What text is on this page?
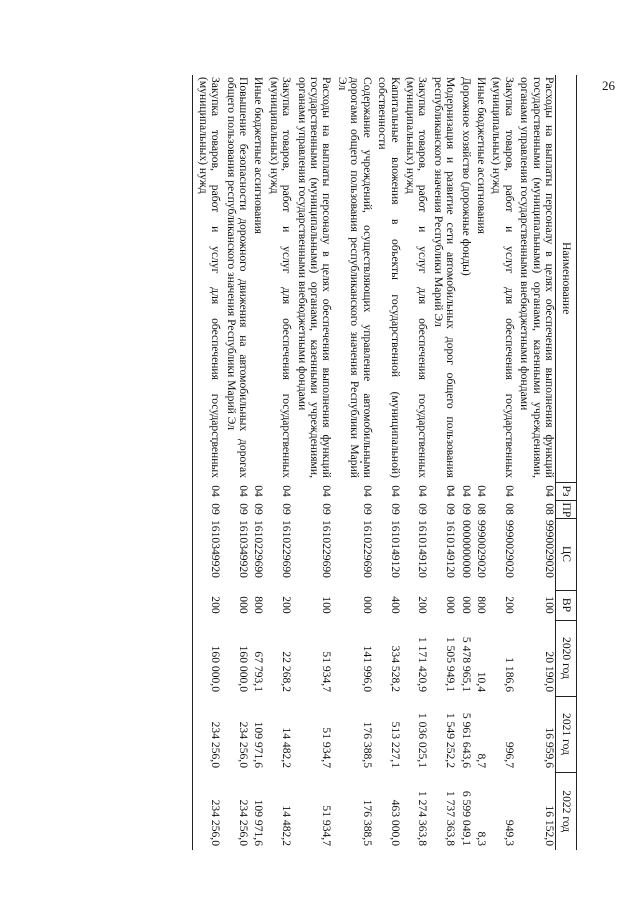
26
Наименование	Рз	ПР	ЦС	ВР	2020 год	2021 год	2022 год

Расходы на выплаты персоналу в целях обеспечения выполнения функций государственными (муниципальными) органами, казенными учреждениями, органами управления государственными внебюджетными фондами	04	08	9990029020	100	20 190,0	16 959,6	16 152,0
Закупка товаров, работ и услуг для обеспечения государственных (муниципальных) нужд	04	08	9990029020	200	1 186,6	996,7	949,3
Иные бюджетные ассигнования	04	08	9990029020	800	10,4	8,7	8,3
Дорожное хозяйство (дорожные фонды)	04	09	0000000000	000	5 478 965,1	5 961 643,6	6 599 049,1
Модернизация и развитие сети автомобильных дорог общего пользования республиканского значения Республики Марий Эл	04	09	1610149120	000	1 505 949,1	1 549 252,2	1 737 363,8
Закупка товаров, работ и услуг для обеспечения государственных (муниципальных) нужд	04	09	1610149120	200	1 171 420,9	1 036 025,1	1 274 363,8
Капитальные вложения в объекты государственной (муниципальной) собственности	04	09	1610149120	400	334 528,2	513 227,1	463 000,0
Содержание учреждений, осуществляющих управление автомобильными дорогами общего пользования республиканского значения Республики Марий Эл	04	09	1610229690	000	141 996,0	176 388,5	176 388,5
Расходы на выплаты персоналу в целях обеспечения выполнения функций государственными (муниципальными) органами, казенными учреждениями, органами управления государственными внебюджетными фондами	04	09	1610229690	100	51 934,7	51 934,7	51 934,7
Закупка товаров, работ и услуг для обеспечения государственных (муниципальных) нужд	04	09	1610229690	200	22 268,2	14 482,2	14 482,2
Иные бюджетные ассигнования	04	09	1610229690	800	67 793,1	109 971,6	109 971,6
Повышение безопасности дорожного движения на автомобильных дорогах общего пользования республиканского значения Республики Марий Эл	04	09	1610349920	000	160 000,0	234 256,0	234 256,0
Закупка товаров, работ и услуг для обеспечения государственных (муниципальных) нужд	04	09	1610349920	200	160 000,0	234 256,0	234 256,0
